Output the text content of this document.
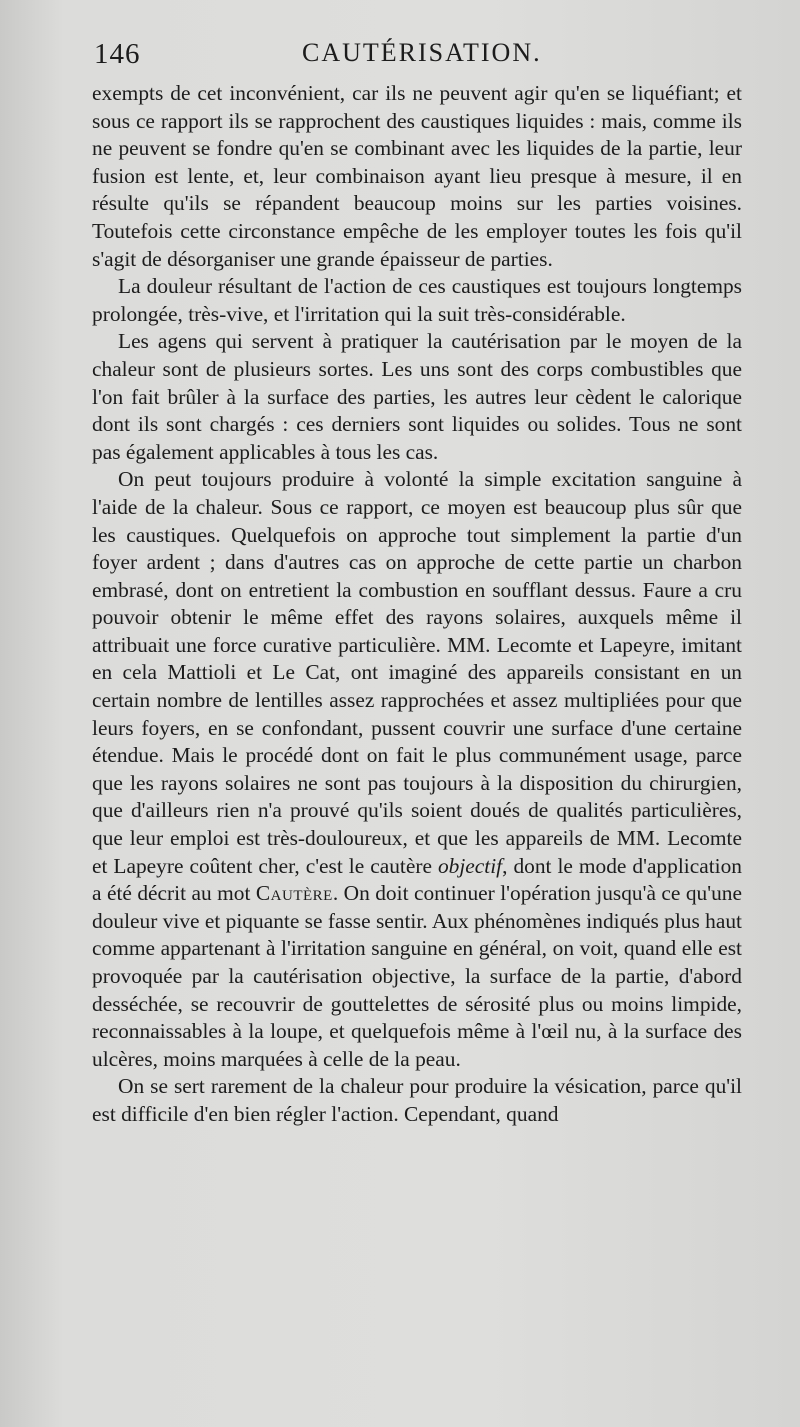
146	CAUTÉRISATION.

exempts de cet inconvénient, car ils ne peuvent agir qu'en se liquéfiant; et sous ce rapport ils se rapprochent des caustiques liquides : mais, comme ils ne peuvent se fondre qu'en se combinant avec les liquides de la partie, leur fusion est lente, et, leur combinaison ayant lieu presque à mesure, il en résulte qu'ils se répandent beaucoup moins sur les parties voisines. Toutefois cette circonstance empêche de les employer toutes les fois qu'il s'agit de désorganiser une grande épaisseur de parties.

La douleur résultant de l'action de ces caustiques est toujours longtemps prolongée, très-vive, et l'irritation qui la suit très-considérable.

Les agens qui servent à pratiquer la cautérisation par le moyen de la chaleur sont de plusieurs sortes. Les uns sont des corps combustibles que l'on fait brûler à la surface des parties, les autres leur cèdent le calorique dont ils sont chargés : ces derniers sont liquides ou solides. Tous ne sont pas également applicables à tous les cas.

On peut toujours produire à volonté la simple excitation sanguine à l'aide de la chaleur. Sous ce rapport, ce moyen est beaucoup plus sûr que les caustiques. Quelquefois on approche tout simplement la partie d'un foyer ardent ; dans d'autres cas on approche de cette partie un charbon embrasé, dont on entretient la combustion en soufflant dessus. Faure a cru pouvoir obtenir le même effet des rayons solaires, auxquels même il attribuait une force curative particulière. MM. Lecomte et Lapeyre, imitant en cela Mattioli et Le Cat, ont imaginé des appareils consistant en un certain nombre de lentilles assez rapprochées et assez multipliées pour que leurs foyers, en se confondant, pussent couvrir une surface d'une certaine étendue. Mais le procédé dont on fait le plus communément usage, parce que les rayons solaires ne sont pas toujours à la disposition du chirurgien, que d'ailleurs rien n'a prouvé qu'ils soient doués de qualités particulières, que leur emploi est très-douloureux, et que les appareils de MM. Lecomte et Lapeyre coûtent cher, c'est le cautère objectif, dont le mode d'application a été décrit au mot Cautère. On doit continuer l'opération jusqu'à ce qu'une douleur vive et piquante se fasse sentir. Aux phénomènes indiqués plus haut comme appartenant à l'irritation sanguine en général, on voit, quand elle est provoquée par la cautérisation objective, la surface de la partie, d'abord desséchée, se recouvrir de gouttelettes de sérosité plus ou moins limpide, reconnaissables à la loupe, et quelquefois même à l'œil nu, à la surface des ulcères, moins marquées à celle de la peau.

On se sert rarement de la chaleur pour produire la vésication, parce qu'il est difficile d'en bien régler l'action. Cependant, quand
